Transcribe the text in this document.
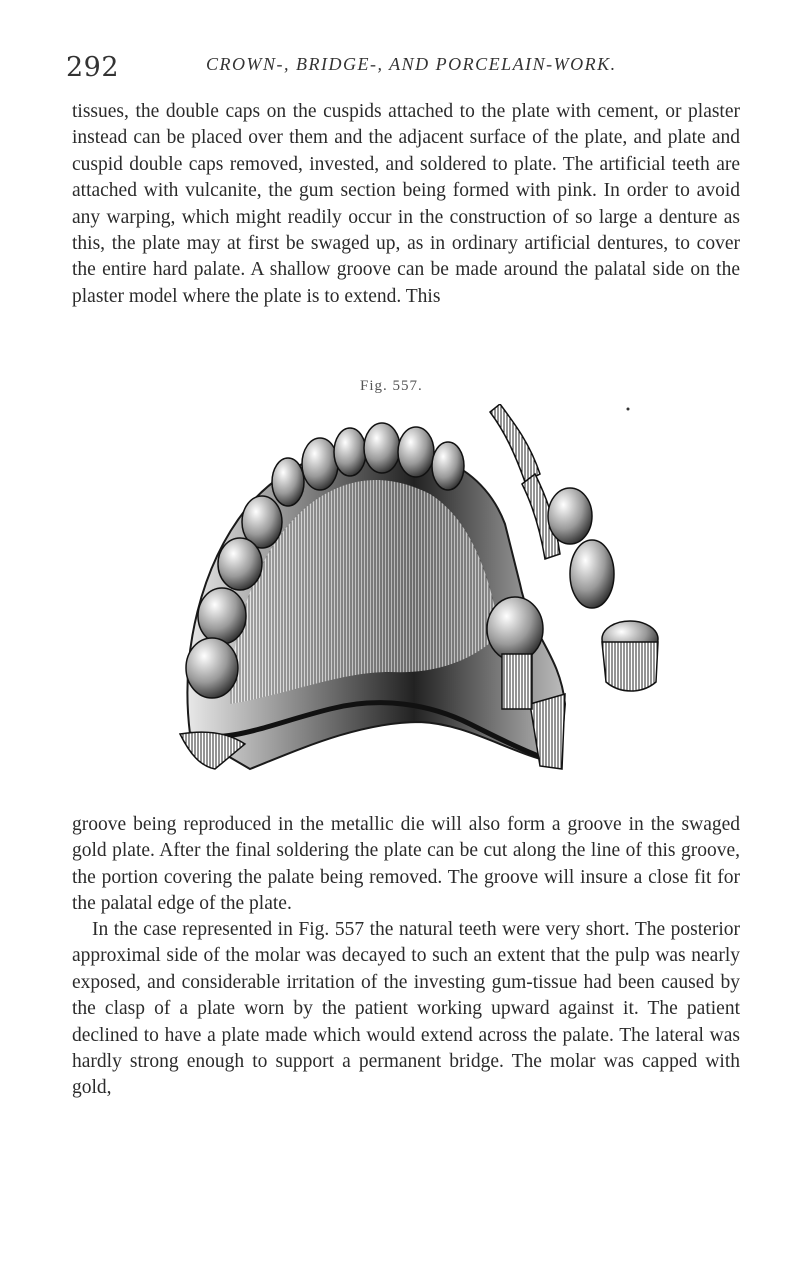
292	CROWN-, BRIDGE-, AND PORCELAIN-WORK.

tissues, the double caps on the cuspids attached to the plate with cement, or plaster instead can be placed over them and the adjacent surface of the plate, and plate and cuspid double caps removed, invested, and soldered to plate. The artificial teeth are attached with vulcanite, the gum section being formed with pink. In order to avoid any warping, which might readily occur in the construction of so large a denture as this, the plate may at first be swaged up, as in ordinary artificial dentures, to cover the entire hard palate. A shallow groove can be made around the palatal side on the plaster model where the plate is to extend. This

Fig. 557.

groove being reproduced in the metallic die will also form a groove in the swaged gold plate. After the final soldering the plate can be cut along the line of this groove, the portion covering the palate being removed. The groove will insure a close fit for the palatal edge of the plate.

In the case represented in Fig. 557 the natural teeth were very short. The posterior approximal side of the molar was decayed to such an extent that the pulp was nearly exposed, and considerable irritation of the investing gum-tissue had been caused by the clasp of a plate worn by the patient working upward against it. The patient declined to have a plate made which would extend across the palate. The lateral was hardly strong enough to support a permanent bridge. The molar was capped with gold,
